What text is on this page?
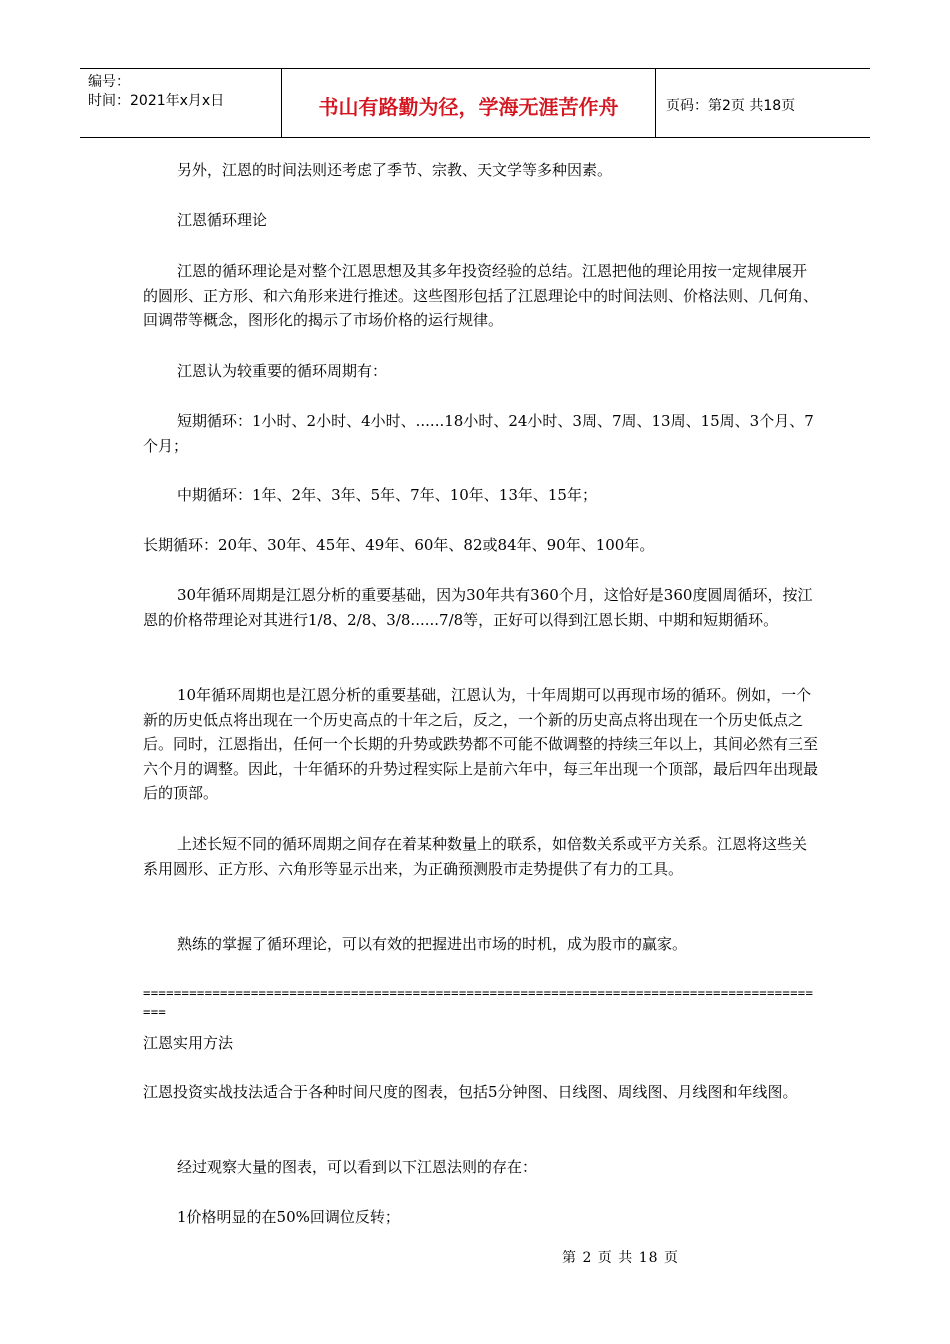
编号：
时间：2021年x月x日	书山有路勤为径，学海无涯苦作舟	页码：第2页 共18页

另外，江恩的时间法则还考虑了季节、宗教、天文学等多种因素。

江恩循环理论

江恩的循环理论是对整个江恩思想及其多年投资经验的总结。江恩把他的理论用按一定规律展开的圆形、正方形、和六角形来进行推述。这些图形包括了江恩理论中的时间法则、价格法则、几何角、回调带等概念，图形化的揭示了市场价格的运行规律。

江恩认为较重要的循环周期有：

短期循环：1小时、2小时、4小时、......18小时、24小时、3周、7周、13周、15周、3个月、7个月；

中期循环：1年、2年、3年、5年、7年、10年、13年、15年；

长期循环：20年、30年、45年、49年、60年、82或84年、90年、100年。

30年循环周期是江恩分析的重要基础，因为30年共有360个月，这恰好是360度圆周循环，按江恩的价格带理论对其进行1/8、2/8、3/8......7/8等，正好可以得到江恩长期、中期和短期循环。

10年循环周期也是江恩分析的重要基础，江恩认为，十年周期可以再现市场的循环。例如，一个新的历史低点将出现在一个历史高点的十年之后，反之，一个新的历史高点将出现在一个历史低点之后。同时，江恩指出，任何一个长期的升势或跌势都不可能不做调整的持续三年以上，其间必然有三至六个月的调整。因此，十年循环的升势过程实际上是前六年中，每三年出现一个顶部，最后四年出现最后的顶部。

上述长短不同的循环周期之间存在着某种数量上的联系，如倍数关系或平方关系。江恩将这些关系用圆形、正方形、六角形等显示出来，为正确预测股市走势提供了有力的工具。

熟练的掌握了循环理论，可以有效的把握进出市场的时机，成为股市的赢家。

==========================================================================================

江恩实用方法

江恩投资实战技法适合于各种时间尺度的图表，包括5分钟图、日线图、周线图、月线图和年线图。

经过观察大量的图表，可以看到以下江恩法则的存在：

1价格明显的在50%回调位反转；

第 2 页 共 18 页
